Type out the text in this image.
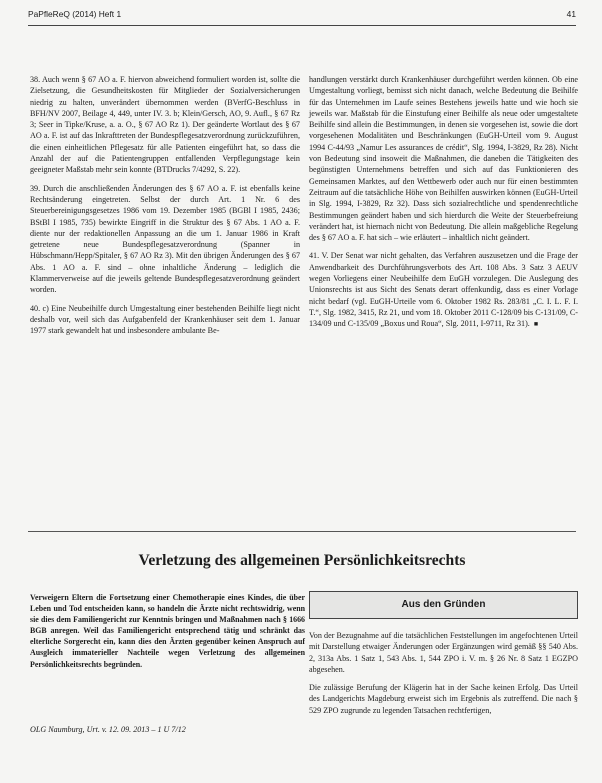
PaPfleReQ (2014) Heft 1	41

38. Auch wenn § 67 AO a. F. hiervon abweichend formuliert worden ist, sollte die Zielsetzung, die Gesundheitskosten für Mitglieder der Sozialversicherungen niedrig zu halten, unverändert übernommen werden (BVerfG-Beschluss in BFH/NV 2007, Beilage 4, 449, unter IV. 3. b; Klein/Gersch, AO, 9. Aufl., § 67 Rz 3; Seer in Tipke/Kruse, a. a. O., § 67 AO Rz 1). Der geänderte Wortlaut des § 67 AO a. F. ist auf das Inkrafttreten der Bundespflegesatzverordnung zurückzuführen, die einen einheitlichen Pflegesatz für alle Patienten eingeführt hat, so dass die Anzahl der auf die Patientengruppen entfallenden Verpflegungstage kein geeigneter Maßstab mehr sein konnte (BTDrucks 7/4292, S. 22).

39. Durch die anschließenden Änderungen des § 67 AO a. F. ist ebenfalls keine Rechtsänderung eingetreten. Selbst der durch Art. 1 Nr. 6 des Steuerbereinigungsgesetzes 1986 vom 19. Dezember 1985 (BGBl I 1985, 2436; BStBl I 1985, 735) bewirkte Eingriff in die Struktur des § 67 Abs. 1 AO a. F. diente nur der redaktionellen Anpassung an die um 1. Januar 1986 in Kraft getretene neue Bundespflegesatzverordnung (Spanner in Hübschmann/Hepp/Spitaler, § 67 AO Rz 3). Mit den übrigen Änderungen des § 67 Abs. 1 AO a. F. sind – ohne inhaltliche Änderung – lediglich die Klammerverweise auf die jeweils geltende Bundespflegesatzverordnung geändert worden.

40. c) Eine Neubeihilfe durch Umgestaltung einer bestehenden Beihilfe liegt nicht deshalb vor, weil sich das Aufgabenfeld der Krankenhäuser seit dem 1. Januar 1977 stark gewandelt hat und insbesondere ambulante Be-

handlungen verstärkt durch Krankenhäuser durchgeführt werden können. Ob eine Umgestaltung vorliegt, bemisst sich nicht danach, welche Bedeutung die Beihilfe für das Unternehmen im Laufe seines Bestehens jeweils hatte und wie hoch sie jeweils war. Maßstab für die Einstufung einer Beihilfe als neue oder umgestaltete Beihilfe sind allein die Bestimmungen, in denen sie vorgesehen ist, sowie die dort vorgesehenen Modalitäten und Beschränkungen (EuGH-Urteil vom 9. August 1994 C-44/93 „Namur Les assurances de crédit“, Slg. 1994, I-3829, Rz 28). Nicht von Bedeutung sind insoweit die Maßnahmen, die daneben die Tätigkeiten des begünstigten Unternehmens betreffen und sich auf das Funktionieren des Gemeinsamen Marktes, auf den Wettbewerb oder auch nur für einen bestimmten Zeitraum auf die tatsächliche Höhe von Beihilfen auswirken können (EuGH-Urteil in Slg. 1994, I-3829, Rz 32). Dass sich sozialrechtliche und spendenrechtliche Bestimmungen geändert haben und sich hierdurch die Weite der Steuerbefreiung verändert hat, ist hiernach nicht von Bedeutung. Die allein maßgebliche Regelung des § 67 AO a. F. hat sich – wie erläutert – inhaltlich nicht geändert.

41. V. Der Senat war nicht gehalten, das Verfahren auszusetzen und die Frage der Anwendbarkeit des Durchführungsverbots des Art. 108 Abs. 3 Satz 3 AEUV wegen Vorliegens einer Neubeihilfe dem EuGH vorzulegen. Die Auslegung des Unionsrechts ist aus Sicht des Senats derart offenkundig, dass es einer Vorlage nicht bedarf (vgl. EuGH-Urteile vom 6. Oktober 1982 Rs. 283/81 „C. I. L. F. I. T.“, Slg. 1982, 3415, Rz 21, und vom 18. Oktober 2011 C-128/09 bis C-131/09, C-134/09 und C-135/09 „Boxus und Roua“, Slg. 2011, I-9711, Rz 31). ■

Verletzung des allgemeinen Persönlichkeitsrechts
Verweigern Eltern die Fortsetzung einer Chemotherapie eines Kindes, die über Leben und Tod entscheiden kann, so handeln die Ärzte nicht rechtswidrig, wenn sie dies dem Familiengericht zur Kenntnis bringen und Maßnahmen nach § 1666 BGB anregen. Weil das Familiengericht entsprechend tätig und schränkt das elterliche Sorgerecht ein, kann dies den Ärzten gegenüber keinen Anspruch auf Ausgleich immaterieller Nachteile wegen Verletzung des allgemeinen Persönlichkeitsrechts begründen.
OLG Naumburg, Urt. v. 12. 09. 2013 – 1 U 7/12
Aus den Gründen

Von der Bezugnahme auf die tatsächlichen Feststellungen im angefochtenen Urteil mit Darstellung etwaiger Änderungen oder Ergänzungen wird gemäß §§ 540 Abs. 2, 313a Abs. 1 Satz 1, 543 Abs. 1, 544 ZPO i. V. m. § 26 Nr. 8 Satz 1 EGZPO abgesehen.

Die zulässige Berufung der Klägerin hat in der Sache keinen Erfolg. Das Urteil des Landgerichts Magdeburg erweist sich im Ergebnis als zutreffend. Die nach § 529 ZPO zugrunde zu legenden Tatsachen rechtfertigen,
